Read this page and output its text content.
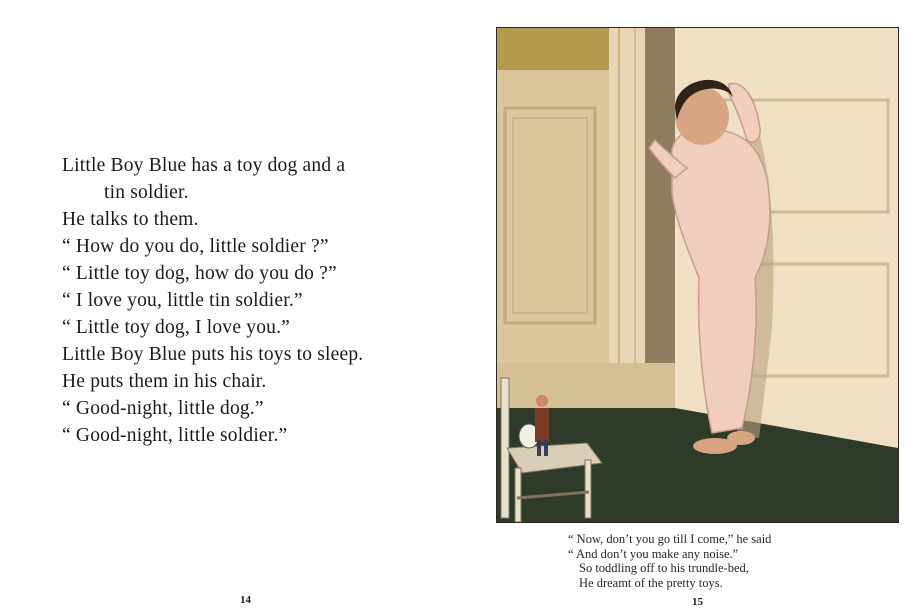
Little Boy Blue has a toy dog and a
tin soldier.
He talks to them.
“ How do you do, little soldier ?”
“ Little toy dog, how do you do ?”
“ I love you, little tin soldier.”
“ Little toy dog, I love you.”
Little Boy Blue puts his toys to sleep.
He puts them in his chair.
“ Good-night, little dog.”
“ Good-night, little soldier.”
14
“ Now, don’t you go till I come,” he said
“ And don’t you make any noise.”
So toddling off to his trundle-bed,
He dreamt of the pretty toys.
15
